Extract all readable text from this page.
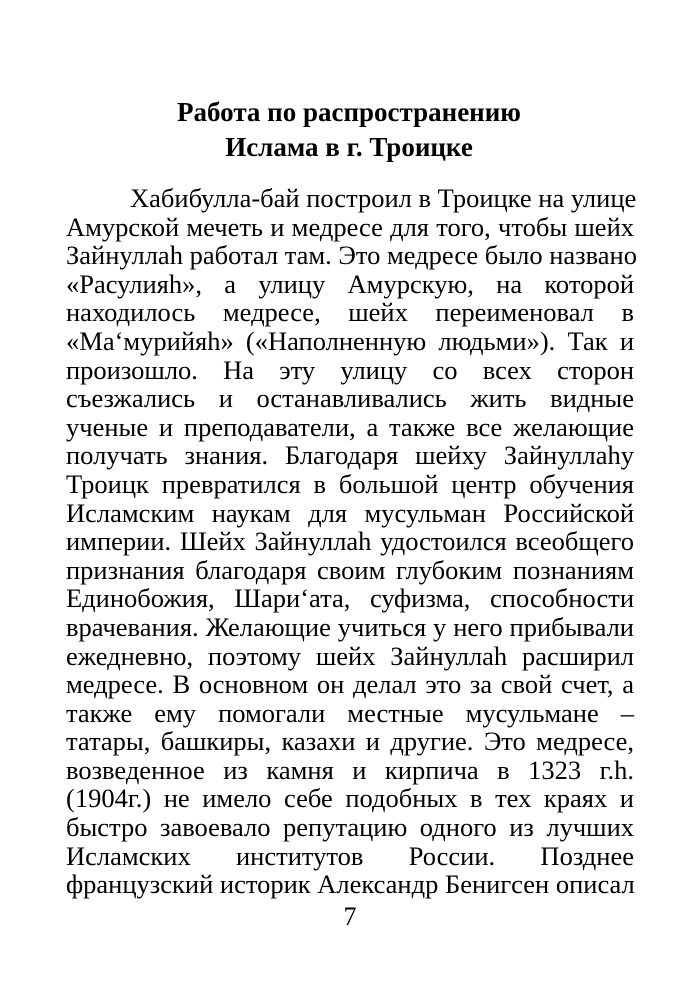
Работа по распространению
Ислама в г. Троицке
Хабибулла-бай построил в Троицке на улице
Амурской мечеть и медресе для того, чтобы шейх
Зайнуллаһ работал там. Это медресе было названо
«Расулияһ», а улицу Амурскую, на которой
находилось медресе, шейх переименовал в
«Маʻмурийяһ» («Наполненную людьми»). Так и
произошло. На эту улицу со всех сторон
съезжались и останавливались жить видные
ученые и преподаватели, а также все желающие
получать знания. Благодаря шейху Зайнуллаһу
Троицк превратился в большой центр обучения
Исламским наукам для мусульман Российской
империи. Шейх Зайнуллаһ удостоился всеобщего
признания благодаря своим глубоким познаниям
Единобожия, Шариʻата, суфизма, способности
врачевания. Желающие учиться у него прибывали
ежедневно, поэтому шейх Зайнуллаһ расширил
медресе. В основном он делал это за свой счет, а
также ему помогали местные мусульмане –
татары, башкиры, казахи и другие. Это медресе,
возведенное из камня и кирпича в 1323 г.һ.
(1904г.) не имело себе подобных в тех краях и
быстро завоевало репутацию одного из лучших
Исламских институтов России. Позднее
французский историк Александр Бенигсен описал
7
